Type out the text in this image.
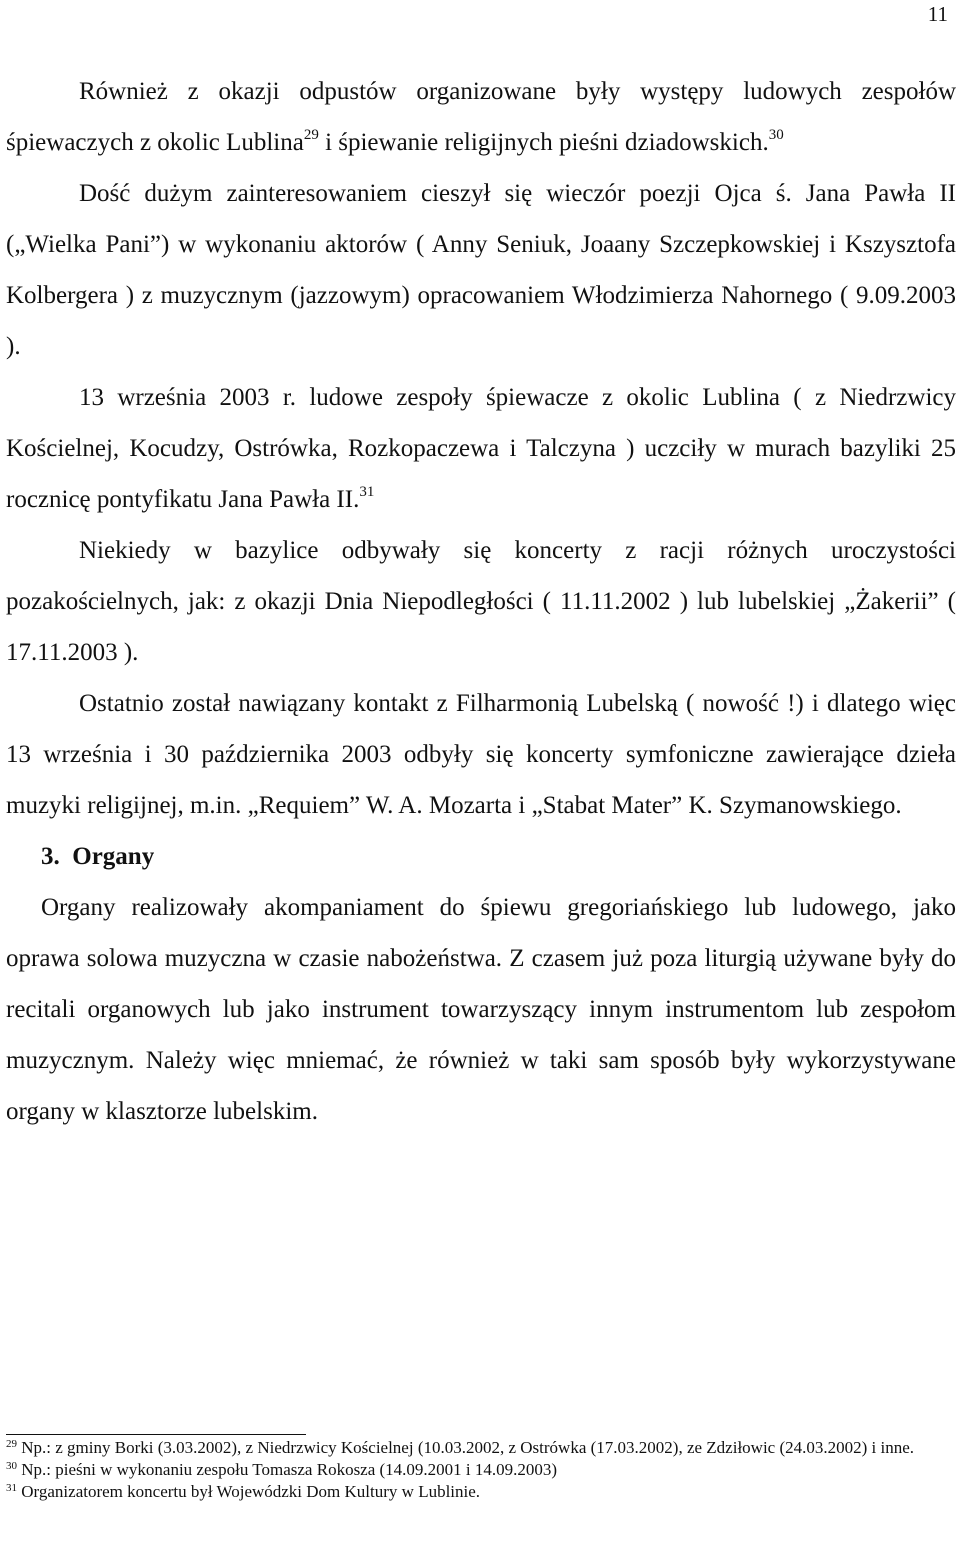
11

Również z okazji odpustów organizowane były występy ludowych zespołów śpiewaczych z okolic Lublina$^{29}$ i śpiewanie religijnych pieśni dziadowskich.$^{30}$

Dość dużym zainteresowaniem cieszył się wieczór poezji Ojca ś. Jana Pawła II („Wielka Pani”) w wykonaniu aktorów ( Anny Seniuk, Joaany Szczepkowskiej i Kszysztofa Kolbergera ) z muzycznym (jazzowym) opracowaniem Włodzimierza Nahornego ( 9.09.2003 ).

13 września 2003 r. ludowe zespoły śpiewacze z okolic Lublina ( z Niedrzwicy Kościelnej, Kocudzy, Ostrówka, Rozkopaczewa i Talczyna ) uczciły w murach bazyliki 25 rocznicę pontyfikatu Jana Pawła II.$^{31}$

Niekiedy w bazylice odbywały się koncerty z racji różnych uroczystości pozakościelnych, jak: z okazji Dnia Niepodległości ( 11.11.2002 ) lub lubelskiej „Żakerii” ( 17.11.2003 ).

Ostatnio został nawiązany kontakt z Filharmonią Lubelską ( nowość !) i dlatego więc 13 września i 30 października 2003 odbyły się koncerty symfoniczne zawierające dzieła muzyki religijnej, m.in. „Requiem” W. A. Mozarta i „Stabat Mater” K. Szymanowskiego.

3.  Organy

Organy realizowały akompaniament do śpiewu gregoriańskiego lub ludowego, jako oprawa solowa muzyczna w czasie nabożeństwa. Z czasem już poza liturgią używane były do recitali organowych lub jako instrument towarzyszący innym instrumentom lub zespołom muzycznym. Należy więc mniemać, że również w taki sam sposób były wykorzystywane organy w klasztorze lubelskim.

$^{29}$ Np.: z gminy Borki (3.03.2002), z Niedrzwicy Kościelnej (10.03.2002, z Ostrówka (17.03.2002), ze Zdziłowic (24.03.2002) i inne.

$^{30}$ Np.: pieśni w wykonaniu zespołu Tomasza Rokosza (14.09.2001 i 14.09.2003)

$^{31}$ Organizatorem koncertu był Wojewódzki Dom Kultury w Lublinie.
